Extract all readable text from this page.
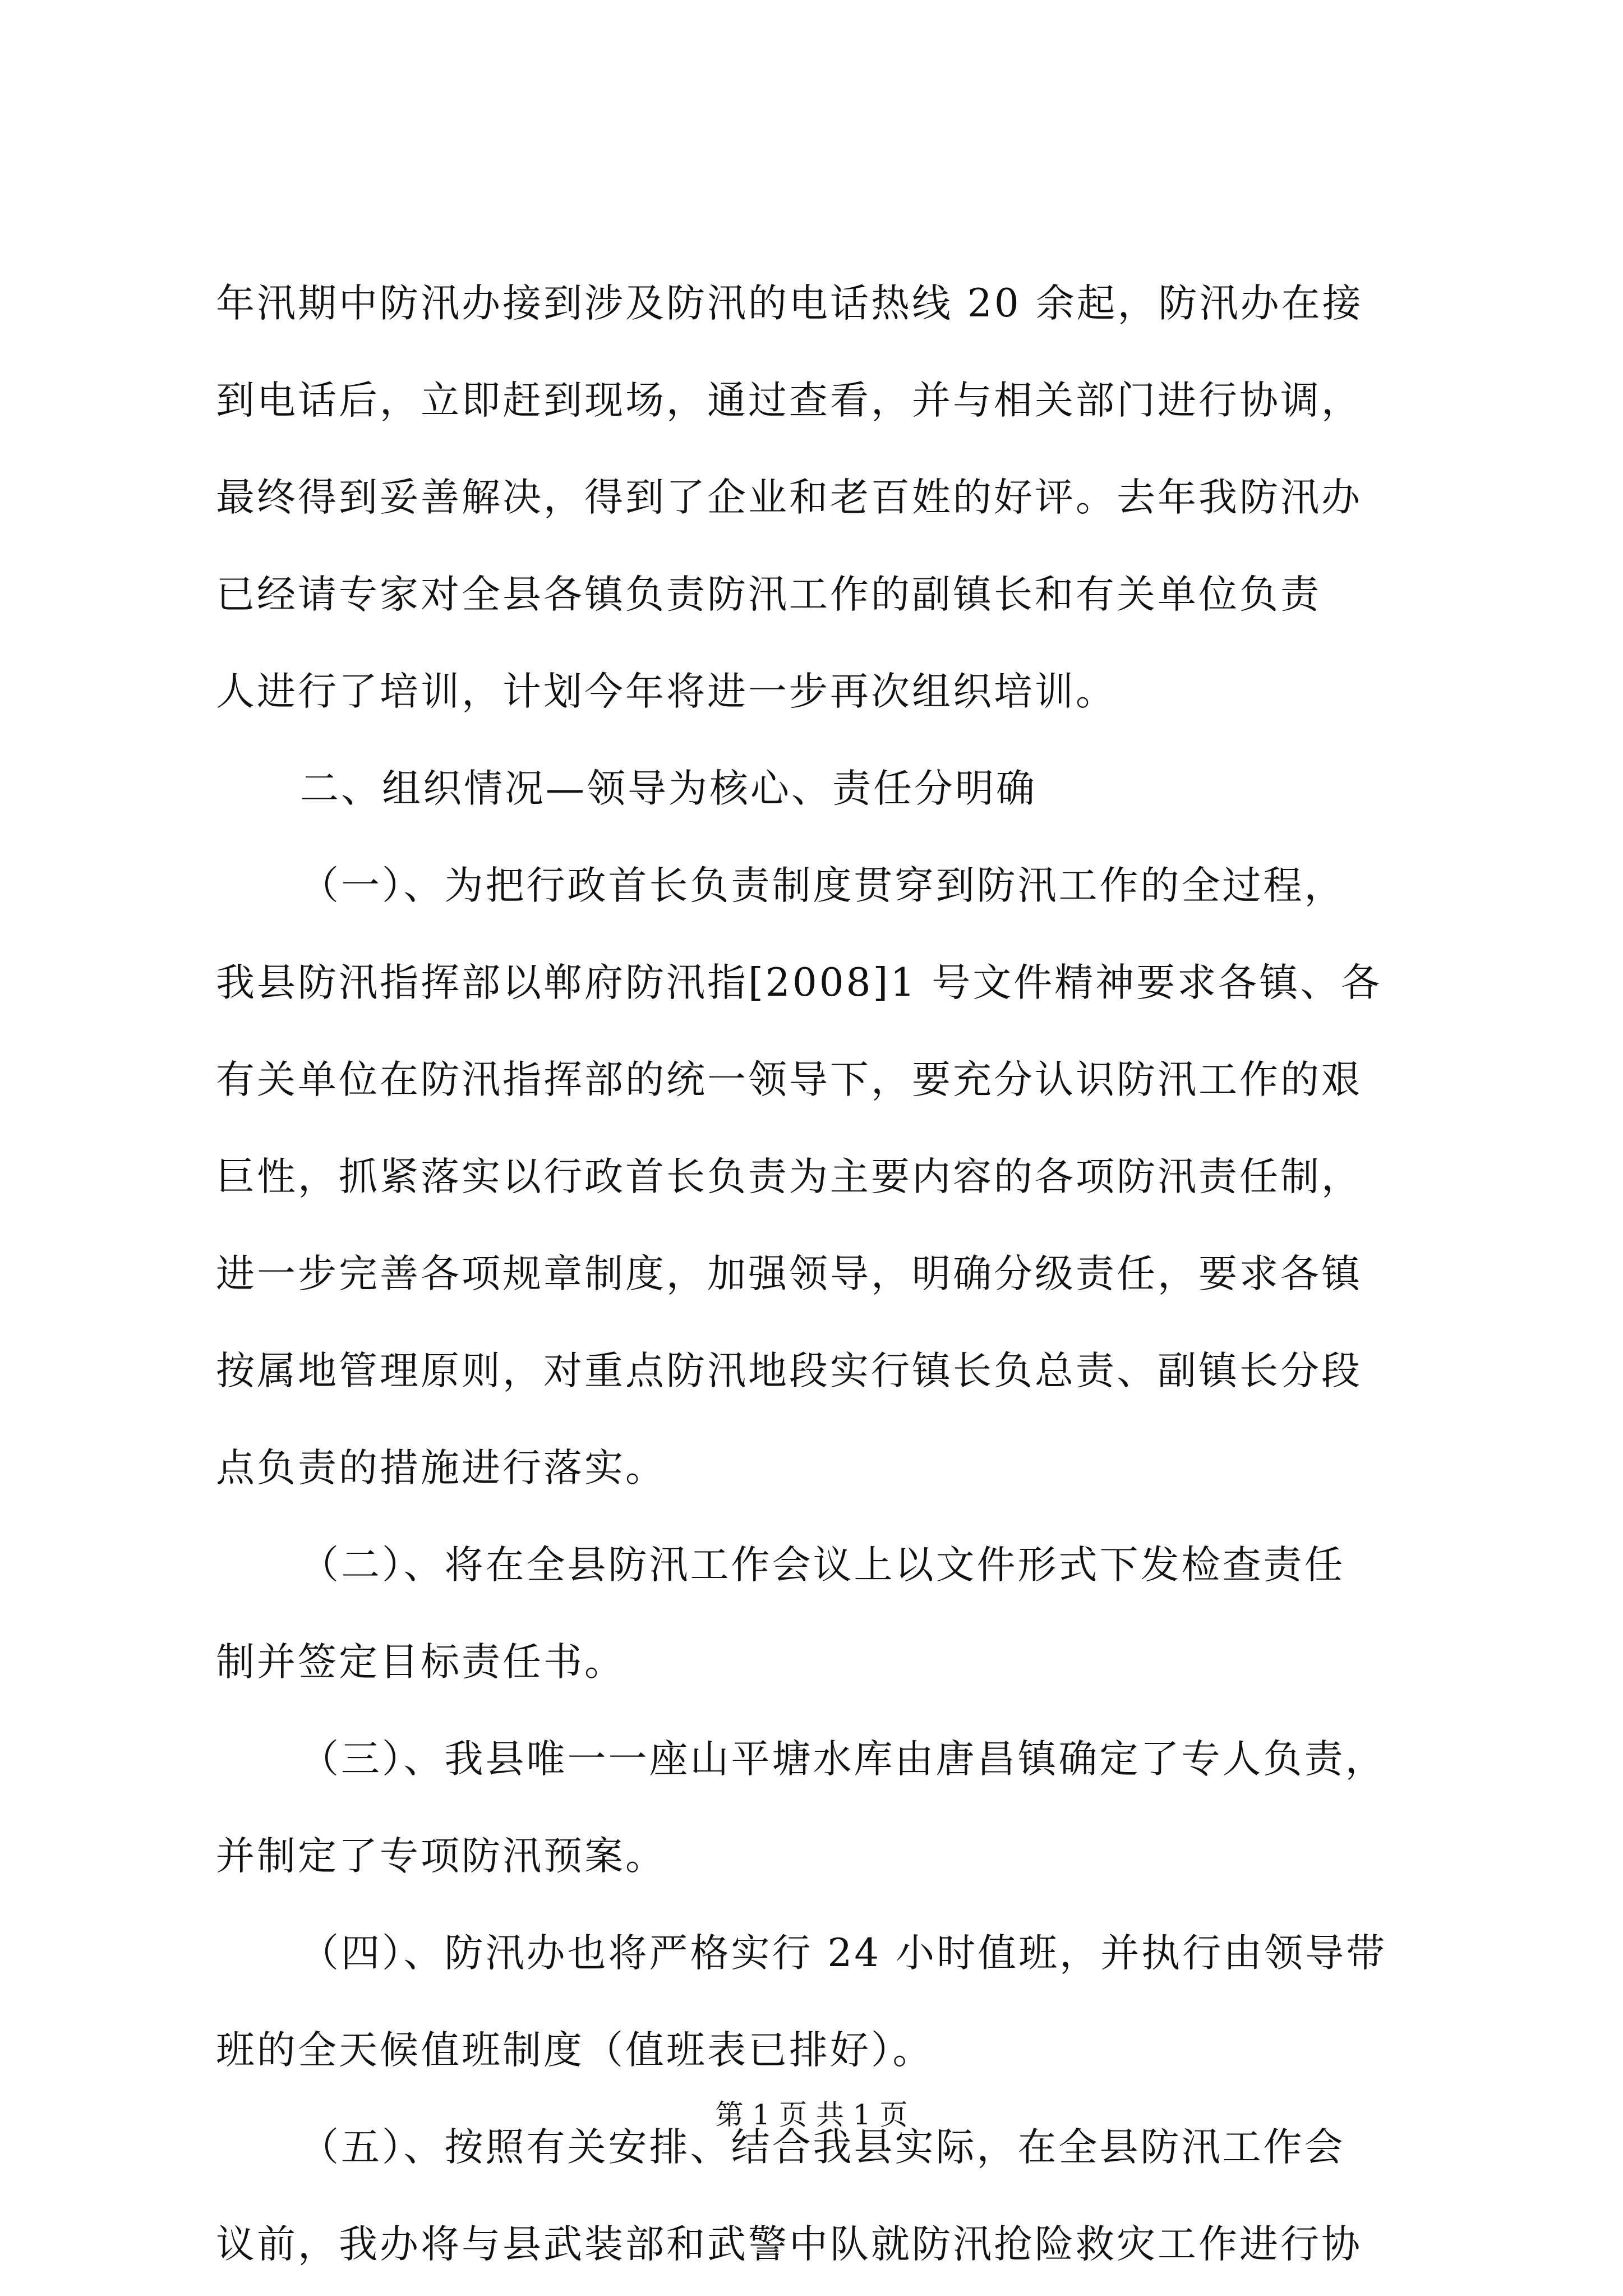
年汛期中防汛办接到涉及防汛的电话热线 20 余起，防汛办在接
到电话后，立即赶到现场，通过查看，并与相关部门进行协调，
最终得到妥善解决，得到了企业和老百姓的好评。去年我防汛办
已经请专家对全县各镇负责防汛工作的副镇长和有关单位负责
人进行了培训，计划今年将进一步再次组织培训。
二、组织情况—领导为核心、责任分明确
（一）、为把行政首长负责制度贯穿到防汛工作的全过程，
我县防汛指挥部以郸府防汛指[2008]1 号文件精神要求各镇、各
有关单位在防汛指挥部的统一领导下，要充分认识防汛工作的艰
巨性，抓紧落实以行政首长负责为主要内容的各项防汛责任制，
进一步完善各项规章制度，加强领导，明确分级责任，要求各镇
按属地管理原则，对重点防汛地段实行镇长负总责、副镇长分段
点负责的措施进行落实。
（二）、将在全县防汛工作会议上以文件形式下发检查责任
制并签定目标责任书。
（三）、我县唯一一座山平塘水库由唐昌镇确定了专人负责，
并制定了专项防汛预案。
（四）、防汛办也将严格实行 24 小时值班，并执行由领导带
班的全天候值班制度（值班表已排好）。
（五）、按照有关安排、结合我县实际，在全县防汛工作会
议前，我办将与县武装部和武警中队就防汛抢险救灾工作进行协
第 1 页 共 1 页
